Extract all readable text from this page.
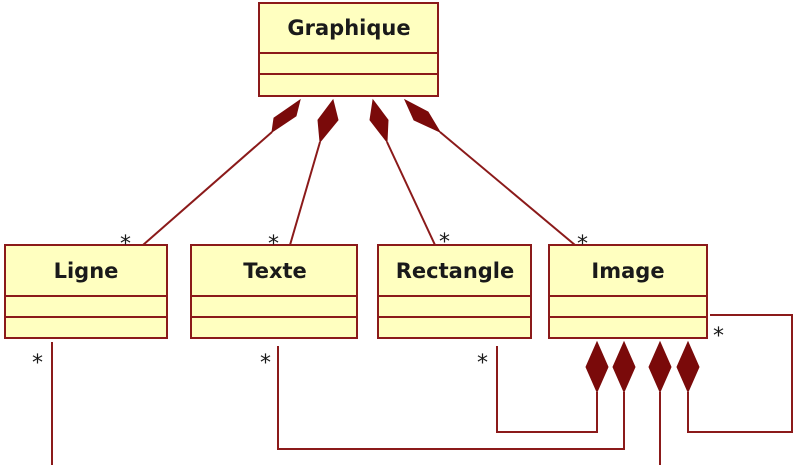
Graphique
Ligne	Texte	Rectangle	Image
*	*	*	*
*	*	*
*
